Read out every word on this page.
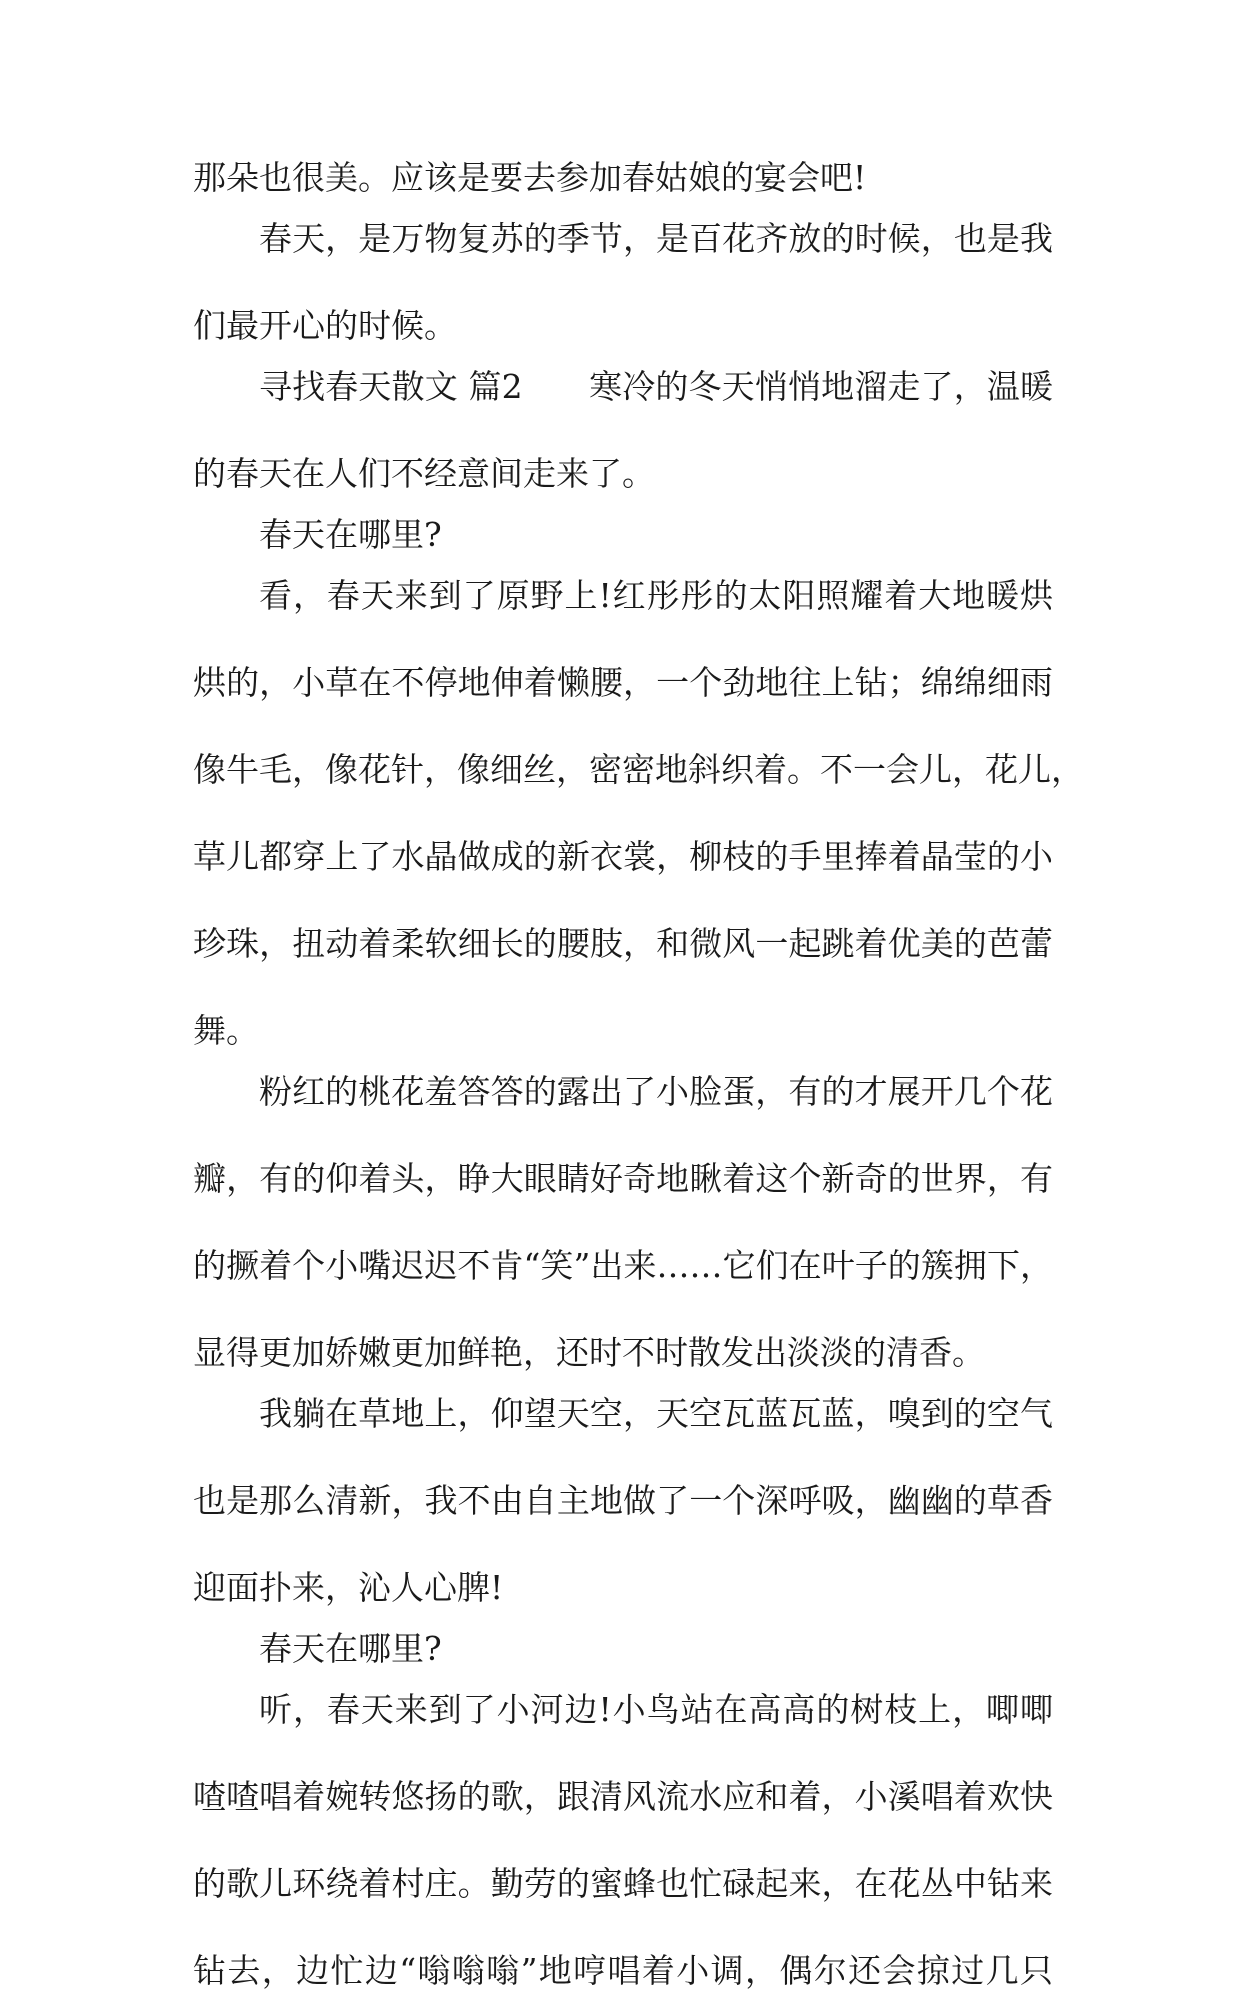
那朵也很美。应该是要去参加春姑娘的宴会吧!

春天，是万物复苏的季节，是百花齐放的时候，也是我

们最开心的时候。

寻找春天散文 篇2　　寒冷的冬天悄悄地溜走了，温暖

的春天在人们不经意间走来了。

春天在哪里?

看，春天来到了原野上!红彤彤的太阳照耀着大地暖烘

烘的，小草在不停地伸着懒腰，一个劲地往上钻；绵绵细雨

像牛毛，像花针，像细丝，密密地斜织着。不一会儿，花儿，

草儿都穿上了水晶做成的新衣裳，柳枝的手里捧着晶莹的小

珍珠，扭动着柔软细长的腰肢，和微风一起跳着优美的芭蕾

舞。

粉红的桃花羞答答的露出了小脸蛋，有的才展开几个花

瓣，有的仰着头，睁大眼睛好奇地瞅着这个新奇的世界，有

的撅着个小嘴迟迟不肯“笑”出来……它们在叶子的簇拥下，

显得更加娇嫩更加鲜艳，还时不时散发出淡淡的清香。

我躺在草地上，仰望天空，天空瓦蓝瓦蓝，嗅到的空气

也是那么清新，我不由自主地做了一个深呼吸，幽幽的草香

迎面扑来，沁人心脾!

春天在哪里?

听，春天来到了小河边!小鸟站在高高的树枝上，唧唧

喳喳唱着婉转悠扬的歌，跟清风流水应和着，小溪唱着欢快

的歌儿环绕着村庄。勤劳的蜜蜂也忙碌起来，在花丛中钻来

钻去，边忙边“嗡嗡嗡”地哼唱着小调，偶尔还会掠过几只
